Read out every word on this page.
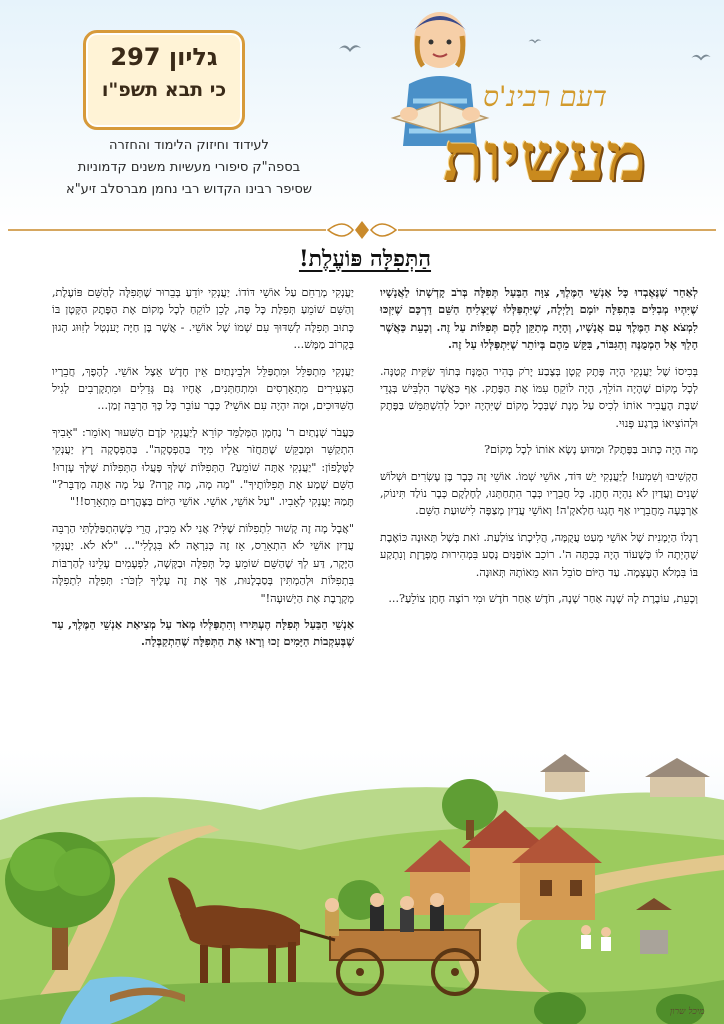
גליון 297
כי תבא תשפ"ו
לעידוד וחיזוק הלימוד והחזרה
בספה"ק סיפורי מעשיות משנים קדמוניות
שסיפר רבינו הקדוש רבי נחמן מברסלב זיע"א
דעם רבינ'ס
מעשיות
הַתְּפִלָּה פּוֹעֶלֶת!

לְאַחַר שֶׁנֶּאֶבְדוּ כָּל אַנְשֵׁי הַמֶּלֶךְ, צִוָּה הַבַּעַל תְּפִלָּה בְּרֹב קָדְשָׁתוֹ לַאֲנָשָׁיו שֶׁיִּהְיוּ מְבַלִּים בִּתְפִלָּה יוֹמָם וָלַיְלָה, שֶׁיִּתְפַּלְּלוּ שֶׁיַּצְלִיחַ הַשֵּׁם דַּרְכָּם שֶׁיִּזְכּוּ לִמְצֹא אֶת הַמֶּלֶךְ עִם אֲנָשָׁיו, וְהָיָה מְתַקֵּן לָהֶם תְּפִלּוֹת עַל זֶה. וְכָעֵת כַּאֲשֶׁר הָלַךְ אֶל הַמְמֻנֶּה וְהַגִּבּוֹר, בִּקֵּשׁ מֵהֶם בְּיוֹתֵר שֶׁיִּתְפַּלְּלוּ עַל זֶה.

בְּכִיסוֹ שֶׁל יַעֲנְקִי הָיָה פֶּתֶק קָטָן בְּצֶבַע יָרֹק בָּהִיר הַמֻּנָּח בְּתוֹךְ שַׂקִּית קְטַנָּה. לְכָל מָקוֹם שֶׁהָיָה הוֹלֵךְ, הָיָה לוֹקֵחַ עִמּוֹ אֶת הַפֶּתֶק. אַף כַּאֲשֶׁר הִלְבִּישׁ בְּגָדֵי שַׁבָּת הֶעֱבִיר אוֹתוֹ לְכִיס עַל מְנָת שֶׁבְּכָל מָקוֹם שֶׁיִּהְיֶה יוּכַל לְהִשְׁתַּמֵּשׁ בַּפֶּתֶק וּלְהוֹצִיאוֹ בְּרֶגַע פְּנוּי.

מָה הָיָה כָּתוּב בַּפֶּתֶק? וּמַדּוּעַ נָשָׂא אוֹתוֹ לְכָל מָקוֹם?

הַקְשִׁיבוּ וְשִׁמְעוּ! לְיַעֲנְקִי יֵשׁ דּוֹד, אוֹשֵׁי שְׁמוֹ. אוֹשֵׁי זֶה כְּבָר בֶּן עֶשְׂרִים וּשְׁלוֹשׁ שָׁנִים וַעֲדַיִן לֹא נִהְיָה חָתָן. כָּל חֲבֵרָיו כְּבָר הִתְחַתְּנוּ, לְחֶלְקָם כְּבָר נוֹלַד תִּינוֹק, אַרְבָּעָה מֵחֲבֵרָיו אַף חָגְגוּ חַלַאקָ'ה! וְאוֹשֵׁי עֲדַיִן מְצַפֶּה לִישׁוּעַת הַשֵּׁם.

רַגְלוֹ הַיְמָנִית שֶׁל אוֹשֵׁי מְעַט עֲקֻמָּה, הֲלִיכָתוֹ צוֹלַעַת. זֹאת בְּשֶׁל תְּאוּנָה כּוֹאֶבֶת שֶׁהָיְתָה לוֹ כְּשֶׁעוֹד הָיָה בְּכִתָּה ה'. רוֹכֵב אוֹפַנַּיִם נָסַע בִּמְהִירוּת מֻפְרֶזֶת וְנִתְקַע בּוֹ בִּמְלֹא הָעָצְמָה. עַד הַיּוֹם סוֹבֵל הוּא מֵאוֹתָהּ תְּאוּנָה.

וְכָעֵת, עוֹבֶרֶת לָהּ שָׁנָה אַחַר שָׁנָה, חֹדֶשׁ אַחַר חֹדֶשׁ וּמִי רוֹצֶה חָתָן צוֹלֵעַ?...

יַעֲנְקִי מְרַחֵם עַל אוֹשֵׁי דּוֹדוֹ. יַעֲנְקִי יוֹדֵעַ בְּבֵרוּר שֶׁתְּפִלָּה לְהַשֵּׁם פּוֹעֶלֶת, וְהַשֵּׁם שׁוֹמֵעַ תְּפִלַּת כָּל פֶּה, לָכֵן לוֹקֵחַ לְכָל מָקוֹם אֶת הַפֶּתֶק הַקָּטָן בּוֹ כָּתוּב תְּפִלָּה לְשִׁדּוּךְ עִם שְׁמוֹ שֶׁל אוֹשֵׁי. - אֲשֶׁר בֶּן חַיָּה יֶענְטְל לְזִוּוּג הָגוּן בְּקָרוֹב מַמָּשׁ...

יַעֲנְקִי מִתְפַּלֵּל וּמִתְפַּלֵּל וּלְבֵינְתַיִם אֵין חָדָשׁ אֵצֶל אוֹשֵׁי. לְהֶפֶךְ, חֲבֵרָיו הַצְּעִירִים מִתְאָרְסִים וּמִתְחַתְּנִים, אֶחָיו גַּם גְּדֵלִים וּמִתְקָרְבִים לְגִיל הַשִּׁדּוּכִים, וּמָה יִהְיֶה עִם אוֹשֵׁי? כְּבָר עוֹבֵר כָּל כָּךְ הַרְבֵּה זְמַן...

כַּעֲבֹר שְׁנָתַיִם ר' נַחְמָן הַמְּלַמֵּד קוֹרֵא לְיַעֲנְקִי קֹדֶם הַשִּׁעוּר וְאוֹמֵר: "אָבִיךָ הִתְקַשֵּׁר וּמְבַקֵּשׁ שֶׁתַּחֲזֹר אֵלָיו מִיָּד בַּהַפְסָקָה". בַּהַפְסָקָה רָץ יַעֲנְקִי לַטֶּלֶפוֹן: "יַעֲנְקִי אַתָּה שׁוֹמֵעַ? הַתְּפִלּוֹת שֶׁלְּךָ פָּעֲלוּ הַתְּפִלּוֹת שֶׁלְּךָ עָזְרוּ! הַשֵּׁם שָׁמַע אֶת תְּפִלּוֹתֶיךָ". "מָה מָה, מָה קָרָה? עַל מָה אַתָּה מְדַבֵּר?" תָּמַהּ יַעֲנְקִי לְאָבִיו. "עַל אוֹשֵׁי, אוֹשֵׁי. אוֹשֵׁי הַיּוֹם בַּצָּהֳרַיִם מִתְאָרֵס!!"

"אֲבָל מָה זֶה קָשׁוּר לִתְפִלּוֹת שֶׁלִּי? אֲנִי לֹא מֵבִין, הֲרֵי כְּשֶׁהִתְפַּלַּלְתִּי הַרְבֵּה עֲדַיִן אוֹשֵׁי לֹא הִתְאָרֵס, אָז זֶה כְּנִרְאֶה לֹא בִּגְלָלִי"... "לֹא לֹא. יַעֲנְקִי הַיָּקָר, דַּע לְךָ שֶׁהַשֵּׁם שׁוֹמֵעַ כָּל תְּפִלָּה וּבַקָּשָׁה, לִפְעָמִים עָלֵינוּ לְהַרְבּוֹת בִּתְפִלּוֹת וּלְהַמְתִּין בְּסַבְלָנוּת, אַךְ אֶת זֶה עָלֶיךָ לִזְכֹּר: תְּפִלָּה לִתְפִלָּה מְקָרֶבֶת אֶת הַיְשׁוּעָה!"

אַנְשֵׁי הַבַּעַל תְּפִלָּה הֶעְתִּירוּ וְהִתְפַּלְּלוּ מְאֹד עַל מְצִיאַת אַנְשֵׁי הַמֶּלֶךְ, עַד שֶׁבְּעִקְבוֹת הַיָּמִים זָכוּ וְרָאוּ אֶת הַתְּפִלָּה שֶׁהִתְקַבְּלָה.

מיכל שרון
